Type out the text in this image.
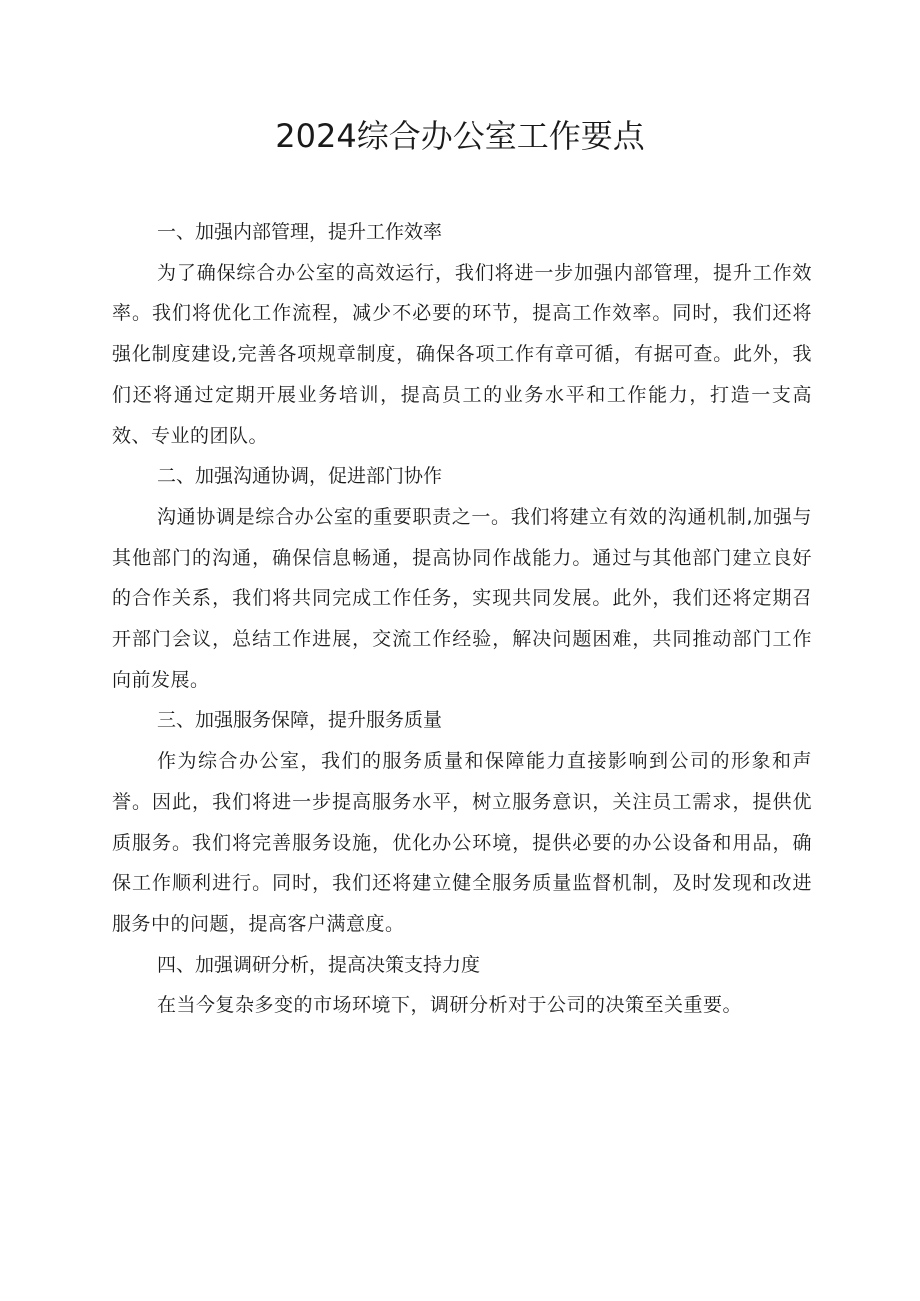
2024综合办公室工作要点
一、加强内部管理，提升工作效率

为了确保综合办公室的高效运行，我们将进一步加强内部管理，提升工作效率。我们将优化工作流程，减少不必要的环节，提高工作效率。同时，我们还将强化制度建设,完善各项规章制度，确保各项工作有章可循，有据可查。此外，我们还将通过定期开展业务培训，提高员工的业务水平和工作能力，打造一支高效、专业的团队。

二、加强沟通协调，促进部门协作

沟通协调是综合办公室的重要职责之一。我们将建立有效的沟通机制,加强与其他部门的沟通，确保信息畅通，提高协同作战能力。通过与其他部门建立良好的合作关系，我们将共同完成工作任务，实现共同发展。此外，我们还将定期召开部门会议，总结工作进展，交流工作经验，解决问题困难，共同推动部门工作向前发展。

三、加强服务保障，提升服务质量

作为综合办公室，我们的服务质量和保障能力直接影响到公司的形象和声誉。因此，我们将进一步提高服务水平，树立服务意识，关注员工需求，提供优质服务。我们将完善服务设施，优化办公环境，提供必要的办公设备和用品，确保工作顺利进行。同时，我们还将建立健全服务质量监督机制，及时发现和改进服务中的问题，提高客户满意度。

四、加强调研分析，提高决策支持力度

在当今复杂多变的市场环境下，调研分析对于公司的决策至关重要。
